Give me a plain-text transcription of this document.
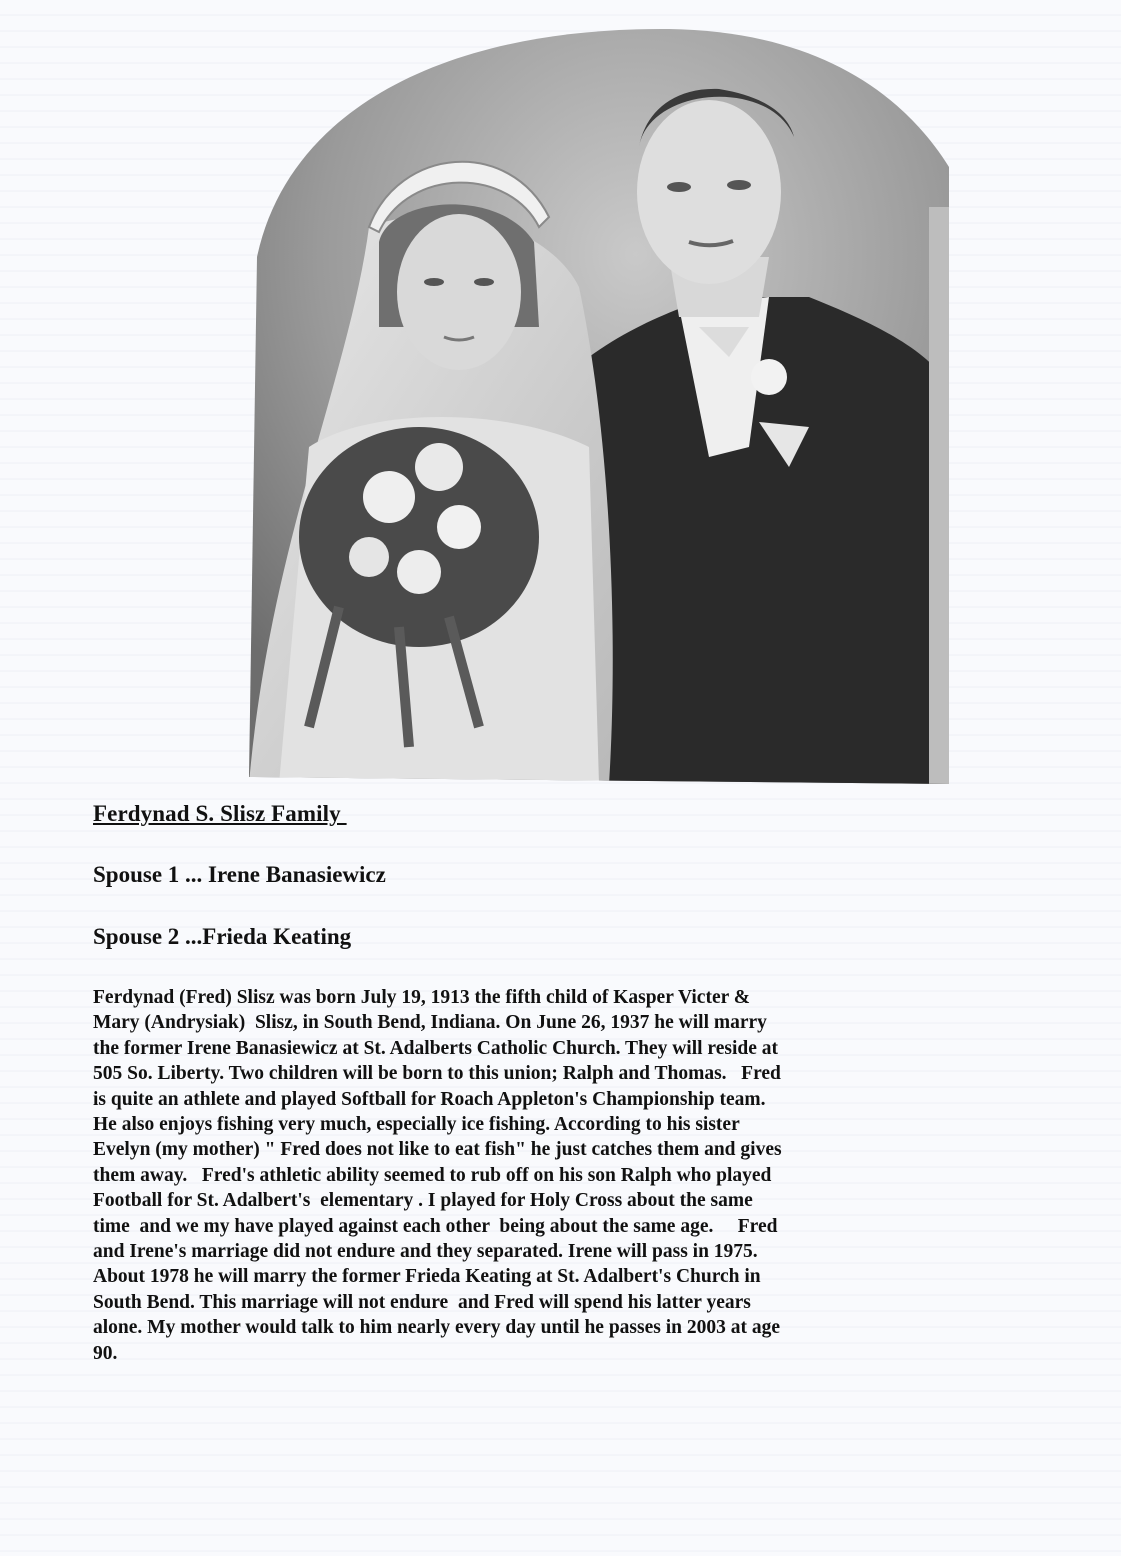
Ferdynad S. Slisz Family
Spouse 1 ... Irene Banasiewicz
Spouse 2 ...Frieda Keating
Ferdynad (Fred) Slisz was born July 19, 1913 the fifth child of Kasper Victer &
Mary (Andrysiak)  Slisz, in South Bend, Indiana. On June 26, 1937 he will marry
the former Irene Banasiewicz at St. Adalberts Catholic Church. They will reside at
505 So. Liberty. Two children will be born to this union; Ralph and Thomas.   Fred
is quite an athlete and played Softball for Roach Appleton's Championship team.
He also enjoys fishing very much, especially ice fishing. According to his sister
Evelyn (my mother) " Fred does not like to eat fish" he just catches them and gives
them away.   Fred's athletic ability seemed to rub off on his son Ralph who played
Football for St. Adalbert's  elementary . I played for Holy Cross about the same
time  and we my have played against each other  being about the same age.     Fred
and Irene's marriage did not endure and they separated. Irene will pass in 1975.
About 1978 he will marry the former Frieda Keating at St. Adalbert's Church in
South Bend. This marriage will not endure  and Fred will spend his latter years
alone. My mother would talk to him nearly every day until he passes in 2003 at age
90.
